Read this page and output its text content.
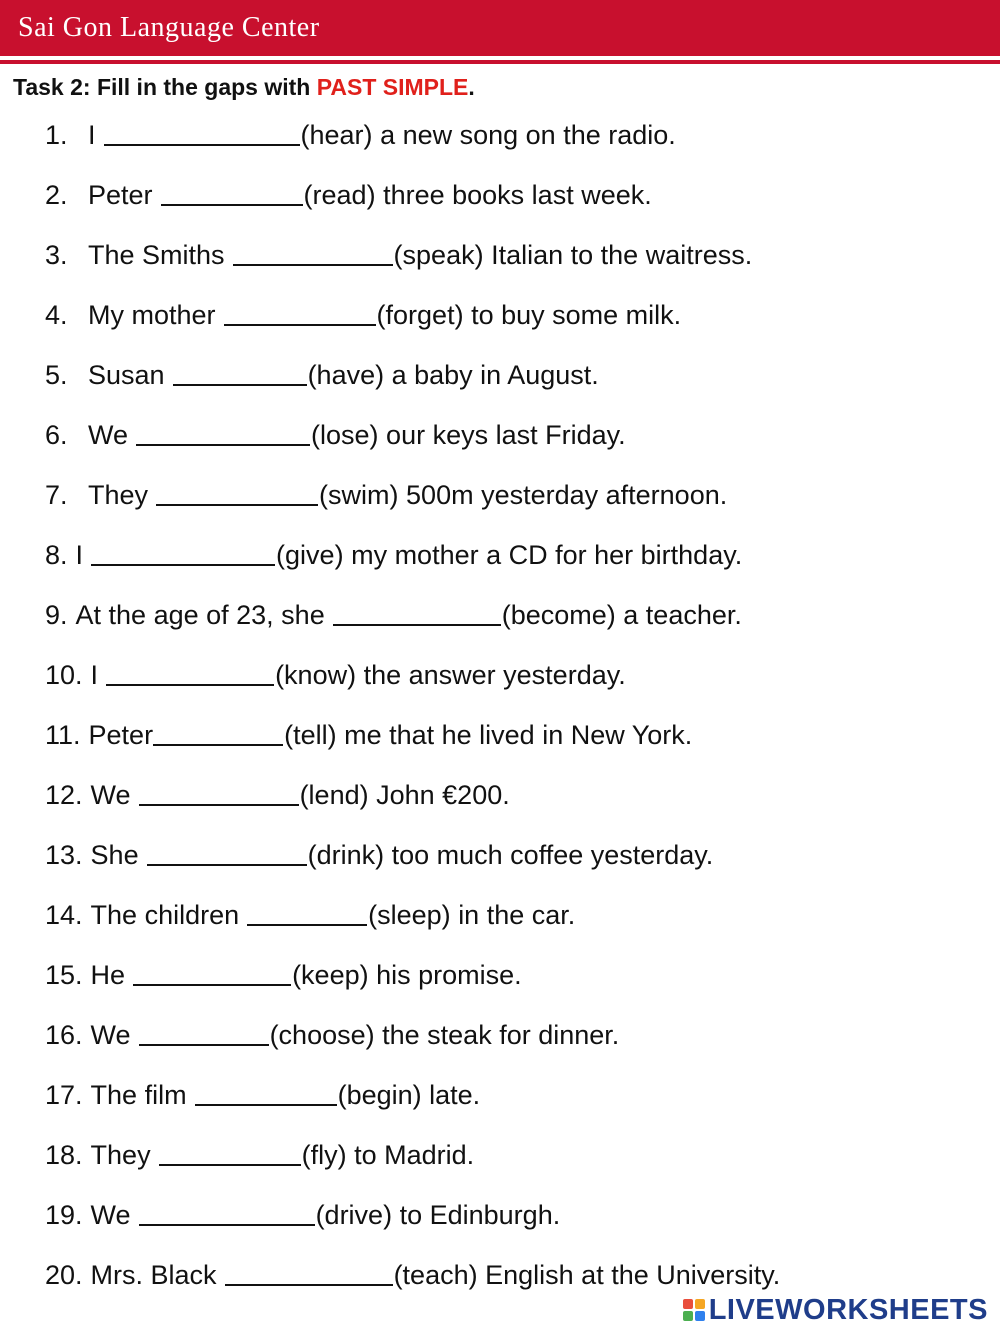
Sai Gon Language Center
Task 2: Fill in the gaps with PAST SIMPLE.
1. I	(hear) a new song on the radio.
2. Peter	(read) three books last week.
3. The Smiths	(speak) Italian to the waitress.
4. My mother	(forget) to buy some milk.
5. Susan	(have) a baby in August.
6. We	(lose) our keys last Friday.
7. They	(swim) 500m yesterday afternoon.
8. I	(give) my mother a CD for her birthday.
9. At the age of 23, she	(become) a teacher.
10. I	(know) the answer yesterday.
11. Peter	(tell) me that he lived in New York.
12. We	(lend) John €200.
13. She	(drink) too much coffee yesterday.
14. The children	(sleep) in the car.
15. He	(keep) his promise.
16. We	(choose) the steak for dinner.
17. The film	(begin) late.
18. They	(fly) to Madrid.
19. We	(drive) to Edinburgh.
20. Mrs. Black	(teach) English at the University.
LIVEWORKSHEETS
